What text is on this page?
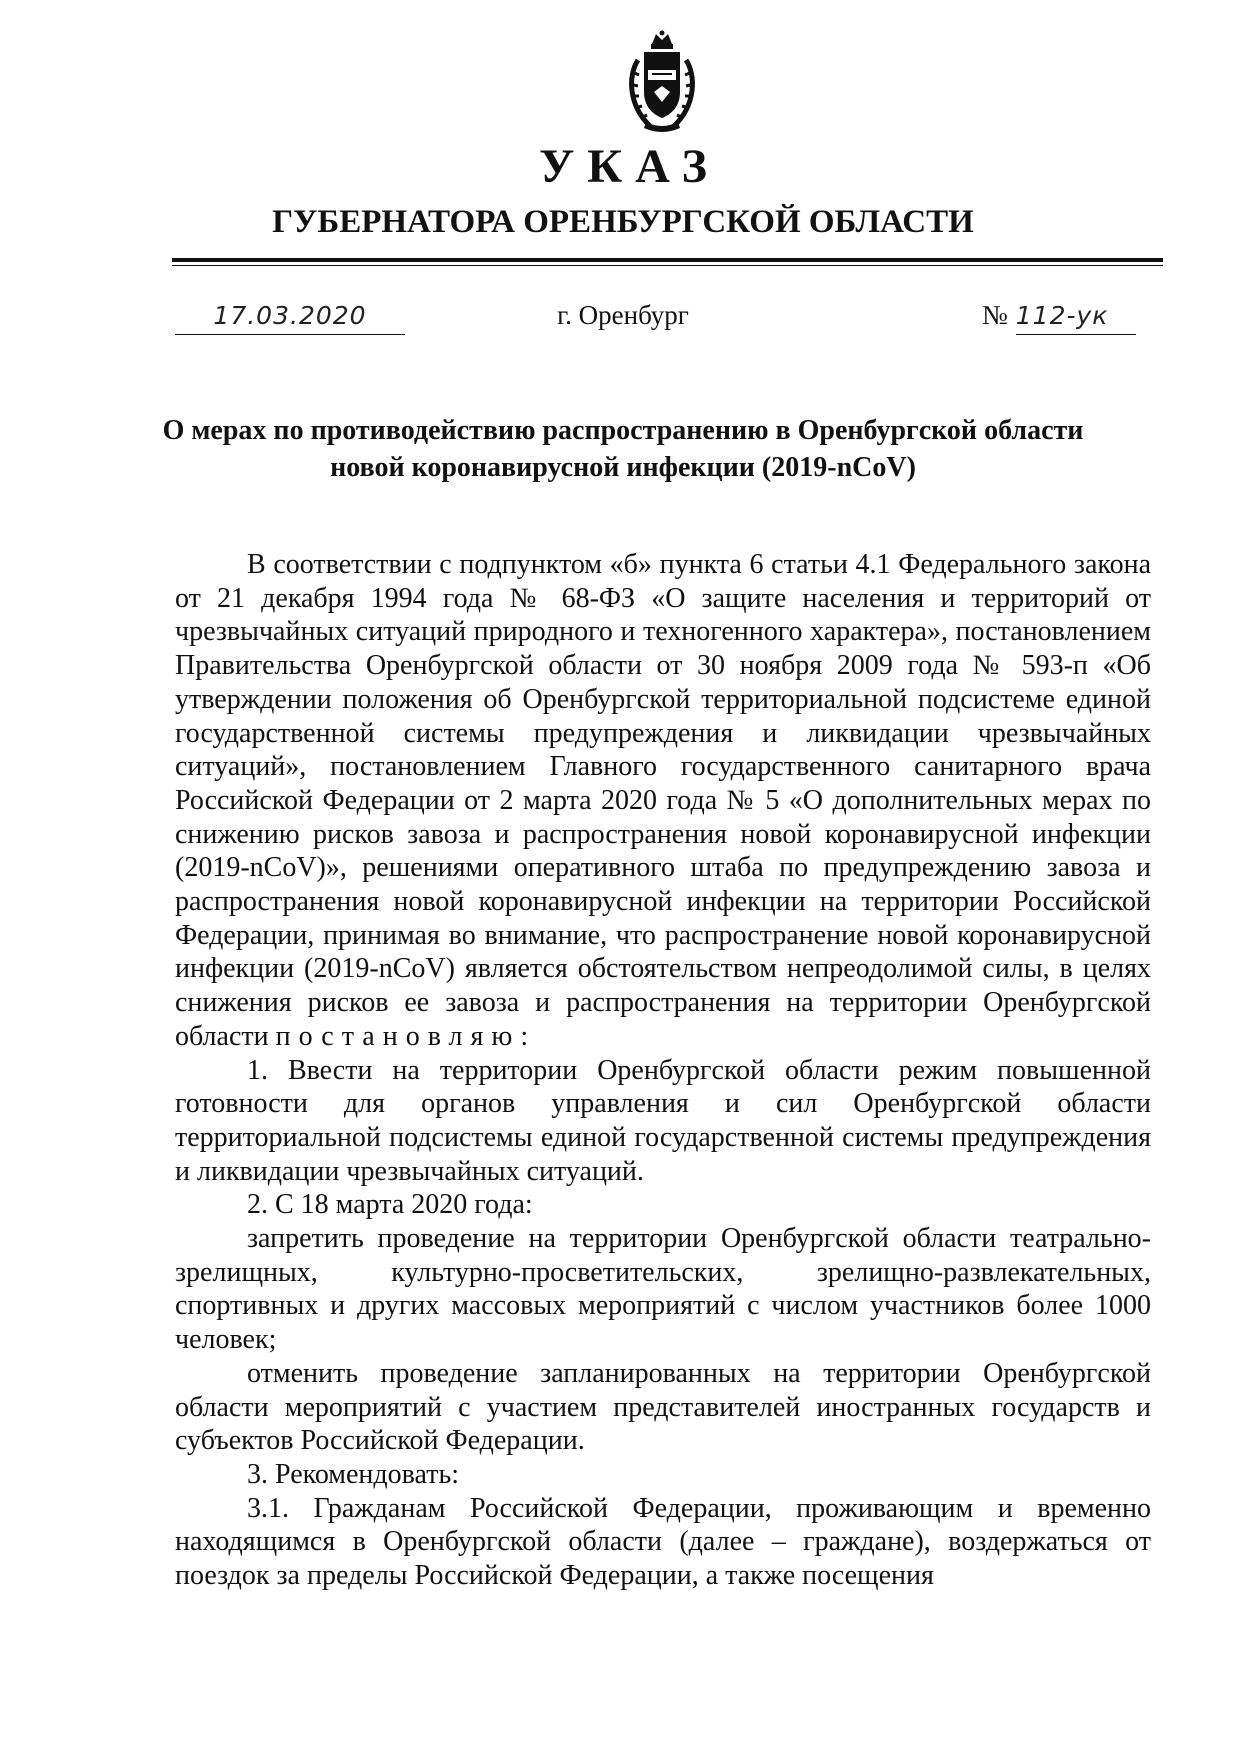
УКАЗ
ГУБЕРНАТОРА ОРЕНБУРГСКОЙ ОБЛАСТИ
17.03.2020	г. Оренбург	№ 112-ук
О мерах по противодействию распространению в Оренбургской области
новой коронавирусной инфекции (2019-nCoV)

В соответствии с подпунктом «б» пункта 6 статьи 4.1 Федерального закона от 21 декабря 1994 года № 68-ФЗ «О защите населения и территорий от чрезвычайных ситуаций природного и техногенного характера», постановлением Правительства Оренбургской области от 30 ноября 2009 года № 593-п «Об утверждении положения об Оренбургской территориальной подсистеме единой государственной системы предупреждения и ликвидации чрезвычайных ситуаций», постановлением Главного государственного санитарного врача Российской Федерации от 2 марта 2020 года № 5 «О дополнительных мерах по снижению рисков завоза и распространения новой коронавирусной инфекции (2019-nCoV)», решениями оперативного штаба по предупреждению завоза и распространения новой коронавирусной инфекции на территории Российской Федерации, принимая во внимание, что распространение новой коронавирусной инфекции (2019-nCoV) является обстоятельством непреодолимой силы, в целях снижения рисков ее завоза и распространения на территории Оренбургской области постановляю:

1. Ввести на территории Оренбургской области режим повышенной готовности для органов управления и сил Оренбургской области территориальной подсистемы единой государственной системы предупреждения и ликвидации чрезвычайных ситуаций.

2. С 18 марта 2020 года:

запретить проведение на территории Оренбургской области театрально-зрелищных, культурно-просветительских, зрелищно-развлекательных, спортивных и других массовых мероприятий с числом участников более 1000 человек;

отменить проведение запланированных на территории Оренбургской области мероприятий с участием представителей иностранных государств и субъектов Российской Федерации.

3. Рекомендовать:

3.1. Гражданам Российской Федерации, проживающим и временно находящимся в Оренбургской области (далее – граждане), воздержаться от поездок за пределы Российской Федерации, а также посещения
